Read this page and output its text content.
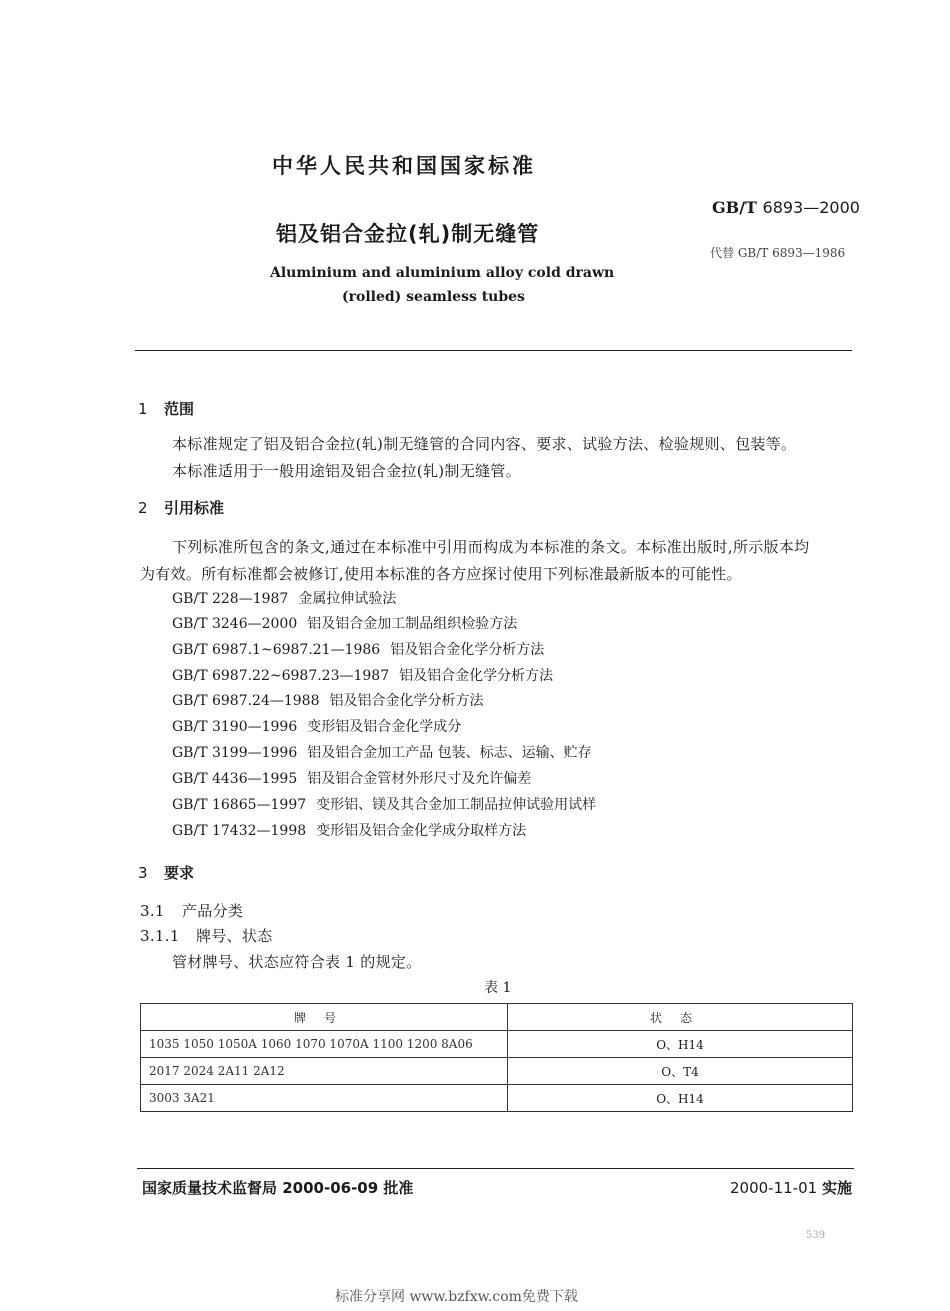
中华人民共和国国家标准
GB/T 6893—2000
代替 GB/T 6893—1986
铝及铝合金拉(轧)制无缝管
Aluminium and aluminium alloy cold drawn
(rolled) seamless tubes
1 范围
本标准规定了铝及铝合金拉(轧)制无缝管的合同内容、要求、试验方法、检验规则、包装等。
本标准适用于一般用途铝及铝合金拉(轧)制无缝管。
2 引用标准
下列标准所包含的条文,通过在本标准中引用而构成为本标准的条文。本标准出版时,所示版本均
为有效。所有标准都会被修订,使用本标准的各方应探讨使用下列标准最新版本的可能性。
GB/T 228—1987 金属拉伸试验法
GB/T 3246—2000 铝及铝合金加工制品组织检验方法
GB/T 6987.1~6987.21—1986 铝及铝合金化学分析方法
GB/T 6987.22~6987.23—1987 铝及铝合金化学分析方法
GB/T 6987.24—1988 铝及铝合金化学分析方法
GB/T 3190—1996 变形铝及铝合金化学成分
GB/T 3199—1996 铝及铝合金加工产品 包装、标志、运输、贮存
GB/T 4436—1995 铝及铝合金管材外形尺寸及允许偏差
GB/T 16865—1997 变形铝、镁及其合金加工制品拉伸试验用试样
GB/T 17432—1998 变形铝及铝合金化学成分取样方法
3 要求
3.1 产品分类
3.1.1 牌号、状态
管材牌号、状态应符合表 1 的规定。
表 1
牌号	状态
1035 1050 1050A 1060 1070 1070A 1100 1200 8A06	O、H14
2017 2024 2A11 2A12	O、T4
3003 3A21	O、H14
国家质量技术监督局 2000-06-09 批准	2000-11-01 实施
539
标准分享网 www.bzfxw.com免费下载
